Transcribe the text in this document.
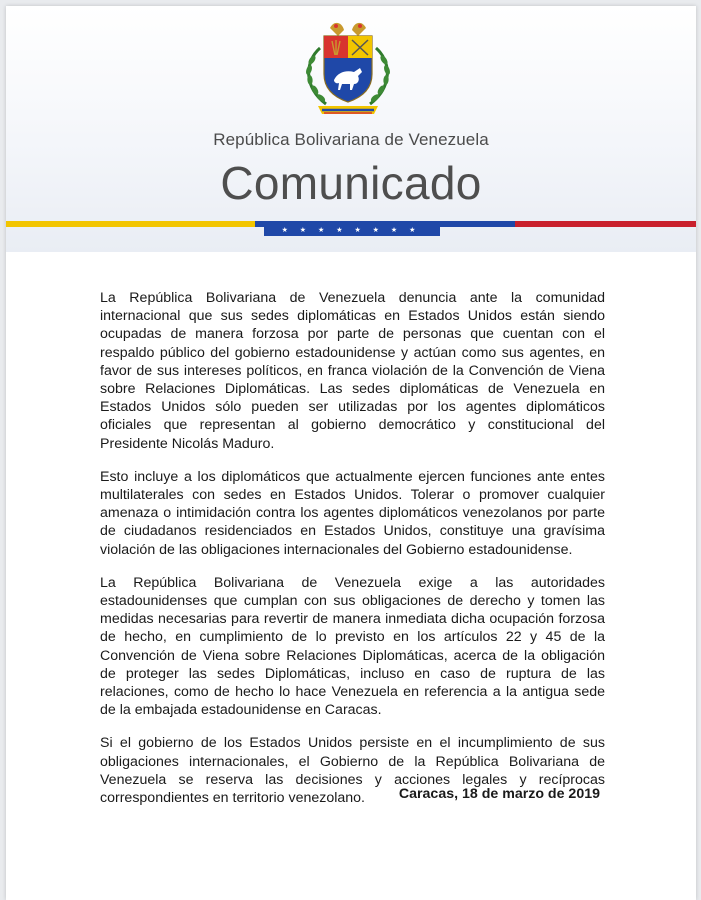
República Bolivariana de Venezuela
Comunicado
★ ★ ★ ★ ★ ★ ★ ★

La República Bolivariana de Venezuela denuncia ante la comunidad internacional que sus sedes diplomáticas en Estados Unidos están siendo ocupadas de manera forzosa por parte de personas que cuentan con el respaldo público del gobierno estadounidense y actúan como sus agentes, en favor de sus intereses políticos, en franca violación de la Convención de Viena sobre Relaciones Diplomáticas. Las sedes diplomáticas de Venezuela en Estados Unidos sólo pueden ser utilizadas por los agentes diplomáticos oficiales que representan al gobierno democrático y constitucional del Presidente Nicolás Maduro.

Esto incluye a los diplomáticos que actualmente ejercen funciones ante entes multilaterales con sedes en Estados Unidos. Tolerar o promover cualquier amenaza o intimidación contra los agentes diplomáticos venezolanos por parte de ciudadanos residenciados en Estados Unidos, constituye una gravísima violación de las obligaciones internacionales del Gobierno estadounidense.

La República Bolivariana de Venezuela exige a las autoridades estadounidenses que cumplan con sus obligaciones de derecho y tomen las medidas necesarias para revertir de manera inmediata dicha ocupación forzosa de hecho, en cumplimiento de lo previsto en los artículos 22 y 45 de la Convención de Viena sobre Relaciones Diplomáticas, acerca de la obligación de proteger las sedes Diplomáticas, incluso en caso de ruptura de las relaciones, como de hecho lo hace Venezuela en referencia a la antigua sede de la embajada estadounidense en Caracas.

Si el gobierno de los Estados Unidos persiste en el incumplimiento de sus obligaciones internacionales, el Gobierno de la República Bolivariana de Venezuela se reserva las decisiones y acciones legales y recíprocas correspondientes en territorio venezolano.	Caracas, 18 de marzo de 2019
